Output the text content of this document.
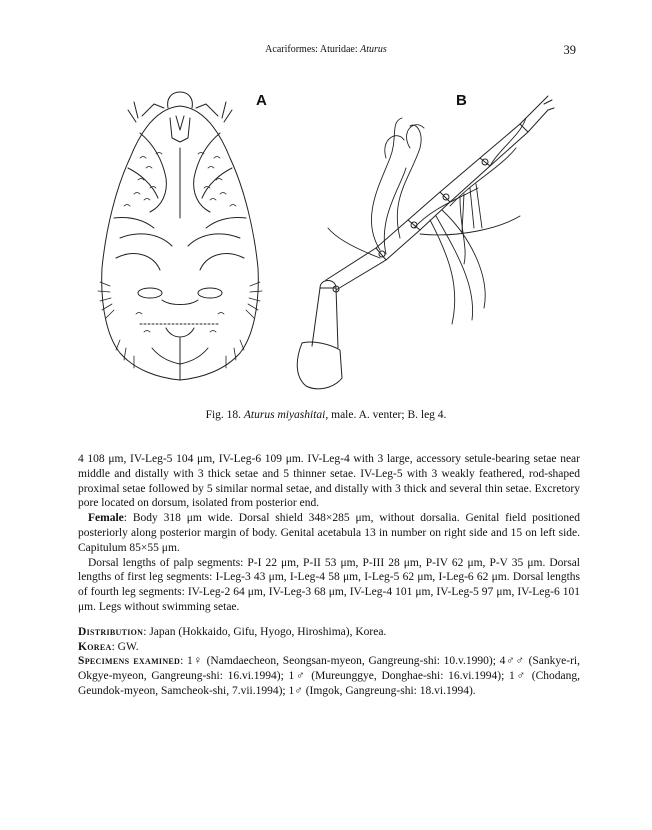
Acariformes: Aturidae: Aturus	39
A	B
Fig. 18. Aturus miyashitai, male. A. venter; B. leg 4.

4 108 μm, IV-Leg-5 104 μm, IV-Leg-6 109 μm. IV-Leg-4 with 3 large, accessory setule-bearing setae near middle and distally with 3 thick setae and 5 thinner setae. IV-Leg-5 with 3 weakly feathered, rod-shaped proximal setae followed by 5 similar normal setae, and distally with 3 thick and several thin setae. Excretory pore located on dorsum, isolated from posterior end.

Female: Body 318 μm wide. Dorsal shield 348×285 μm, without dorsalia. Genital field positioned posteriorly along posterior margin of body. Genital acetabula 13 in number on right side and 15 on left side. Capitulum 85×55 μm.

Dorsal lengths of palp segments: P-I 22 μm, P-II 53 μm, P-III 28 μm, P-IV 62 μm, P-V 35 μm. Dorsal lengths of first leg segments: I-Leg-3 43 μm, I-Leg-4 58 μm, I-Leg-5 62 μm, I-Leg-6 62 μm. Dorsal lengths of fourth leg segments: IV-Leg-2 64 μm, IV-Leg-3 68 μm, IV-Leg-4 101 μm, IV-Leg-5 97 μm, IV-Leg-6 101 μm. Legs without swimming setae.

Distribution: Japan (Hokkaido, Gifu, Hyogo, Hiroshima), Korea.

Korea: GW.

Specimens examined: 1♀ (Namdaecheon, Seongsan-myeon, Gangreung-shi: 10.v.1990); 4♂♂ (Sankye-ri, Okgye-myeon, Gangreung-shi: 16.vi.1994); 1♂ (Mureunggye, Donghae-shi: 16.vi.1994); 1♂ (Chodang, Geundok-myeon, Samcheok-shi, 7.vii.1994); 1♂ (Imgok, Gangreung-shi: 18.vi.1994).
